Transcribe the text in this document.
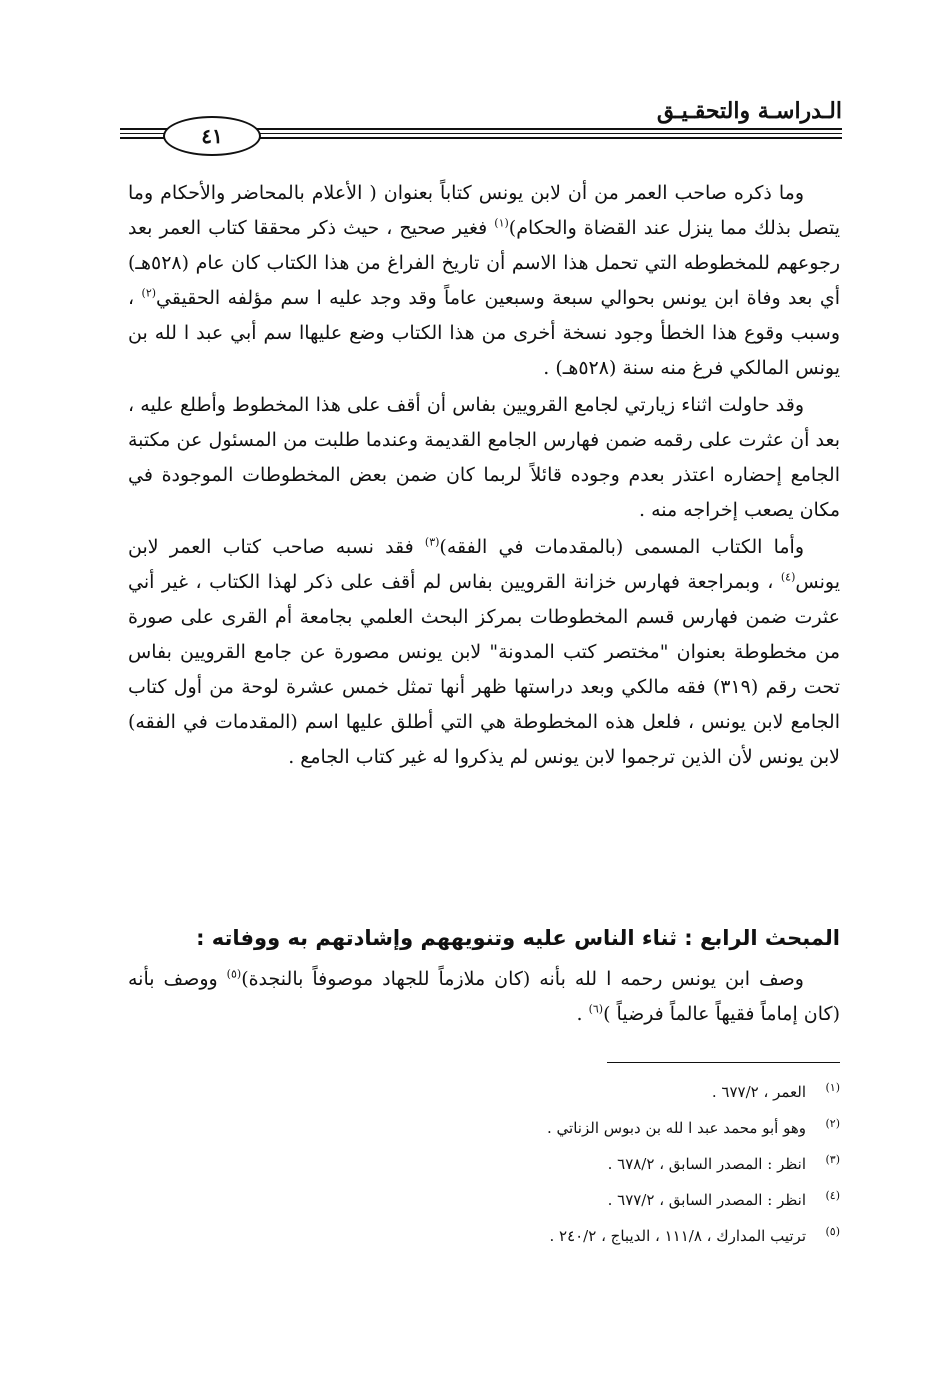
الـدراسـة والتحقـيـق
٤١

وما ذكره صاحب العمر من أن لابن يونس كتاباً بعنوان ( الأعلام بالمحاضر والأحكام وما يتصل بذلك مما ينزل عند القضاة والحكام)$^{(١)}$ فغير صحيح ، حيث ذكر محققا كتاب العمر بعد رجوعهم للمخطوطه التي تحمل هذا الاسم أن تاريخ الفراغ من هذا الكتاب كان عام (٥٢٨هـ) أي بعد وفاة ابن يونس بحوالي سبعة وسبعين عاماً وقد وجد عليه ا سم مؤلفه الحقيقي$^{(٢)}$ ، وسبب وقوع هذا الخطأ وجود نسخة أخرى من هذا الكتاب وضع عليهاا سم أبي عبد ا لله بن يونس المالكي فرغ منه سنة (٥٢٨هـ) .

وقد حاولت اثناء زيارتي لجامع القرويين بفاس أن أقف على هذا المخطوط وأطلع عليه ، بعد أن عثرت على رقمه ضمن فهارس الجامع القديمة وعندما طلبت من المسئول عن مكتبة الجامع إحضاره اعتذر بعدم وجوده قائلاً لربما كان ضمن بعض المخطوطات الموجودة في مكان يصعب إخراجه منه .

وأما الكتاب المسمى (بالمقدمات في الفقه)$^{(٣)}$ فقد نسبه صاحب كتاب العمر لابن يونس$^{(٤)}$ ، وبمراجعة فهارس خزانة القرويين بفاس لم أقف على ذكر لهذا الكتاب ، غير أني عثرت ضمن فهارس قسم المخطوطات بمركز البحث العلمي بجامعة أم القرى على صورة من مخطوطة بعنوان "مختصر كتب المدونة" لابن يونس مصورة عن جامع القرويين بفاس تحت رقم (٣١٩) فقه مالكي وبعد دراستها ظهر أنها تمثل خمس عشرة لوحة من أول كتاب الجامع لابن يونس ، فلعل هذه المخطوطة هي التي أطلق عليها اسم (المقدمات في الفقه) لابن يونس لأن الذين ترجموا لابن يونس لم يذكروا له غير كتاب الجامع .

المبحث الرابع : ثناء الناس عليه وتنويههم وإشادتهم به ووفاته :

وصف ابن يونس رحمه ا لله بأنه (كان ملازماً للجهاد موصوفاً بالنجدة)$^{(٥)}$ ووصف بأنه (كان إماماً فقيهاً عالماً فرضياً )$^{(٦)}$ .

(١)العمر ، ٦٧٧/٢ .
(٢)وهو أبو محمد عبد ا لله بن دبوس الزناتي .
(٣)انظر : المصدر السابق ، ٦٧٨/٢ .
(٤)انظر : المصدر السابق ، ٦٧٧/٢ .
(٥)ترتيب المدارك ، ١١١/٨ ، الديباج ، ٢٤٠/٢ .
